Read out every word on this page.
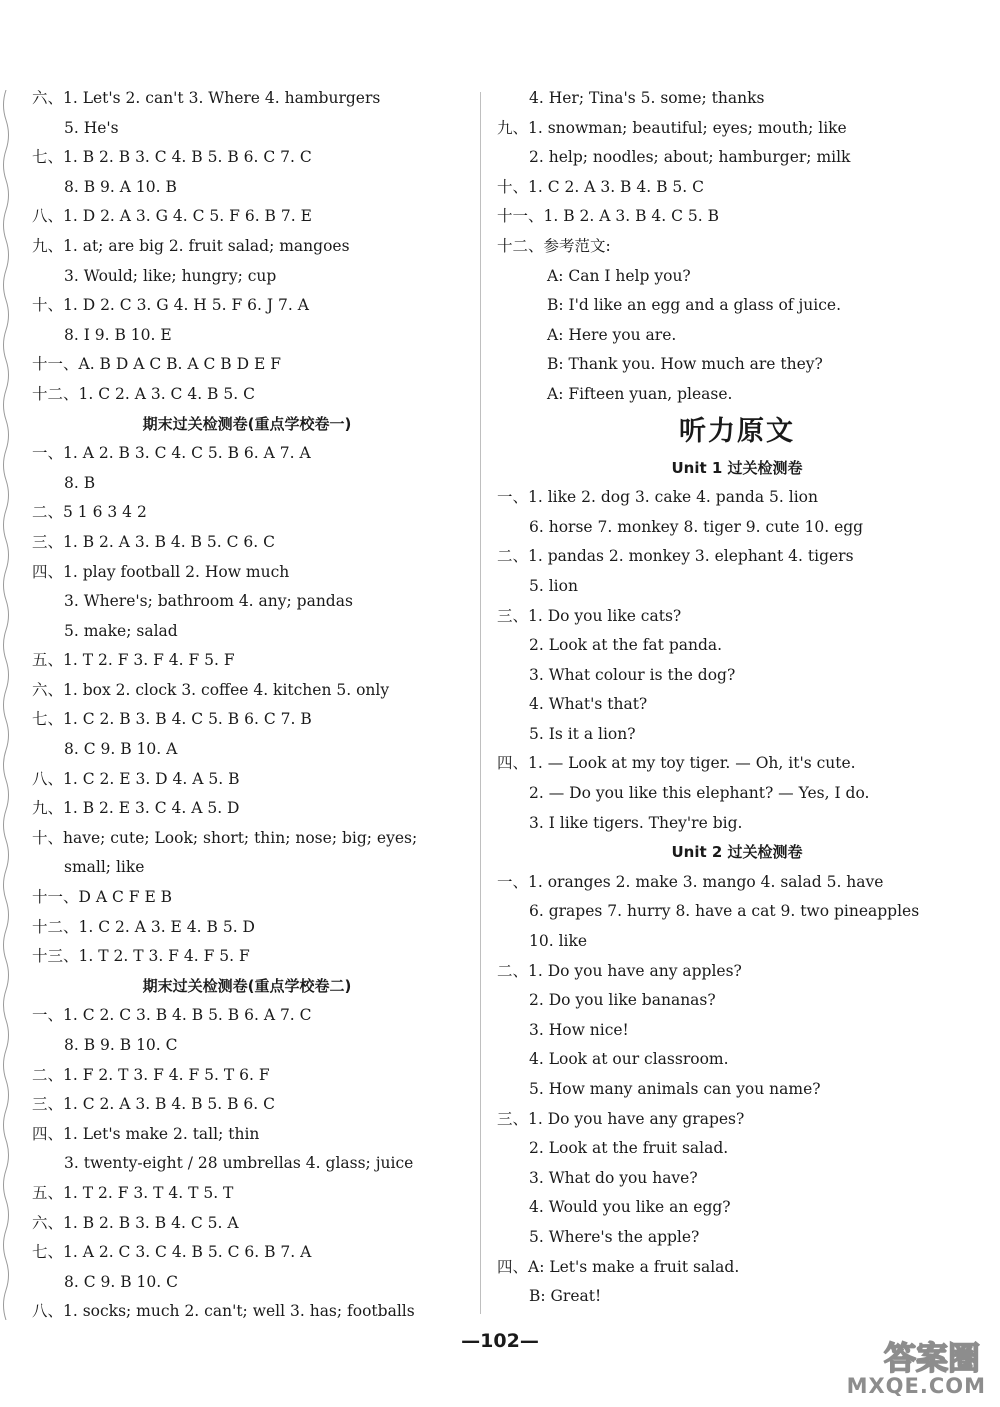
六、1. Let's 2. can't 3. Where 4. hamburgers
5. He's
七、1. B 2. B 3. C 4. B 5. B 6. C 7. C
8. B 9. A 10. B
八、1. D 2. A 3. G 4. C 5. F 6. B 7. E
九、1. at; are big 2. fruit salad; mangoes
3. Would; like; hungry; cup
十、1. D 2. C 3. G 4. H 5. F 6. J 7. A
8. I 9. B 10. E
十一、A. B D A C B. A C B D E F
十二、1. C 2. A 3. C 4. B 5. C
期末过关检测卷(重点学校卷一)
一、1. A 2. B 3. C 4. C 5. B 6. A 7. A
8. B
二、5 1 6 3 4 2
三、1. B 2. A 3. B 4. B 5. C 6. C
四、1. play football 2. How much
3. Where's; bathroom 4. any; pandas
5. make; salad
五、1. T 2. F 3. F 4. F 5. F
六、1. box 2. clock 3. coffee 4. kitchen 5. only
七、1. C 2. B 3. B 4. C 5. B 6. C 7. B
8. C 9. B 10. A
八、1. C 2. E 3. D 4. A 5. B
九、1. B 2. E 3. C 4. A 5. D
十、have; cute; Look; short; thin; nose; big; eyes;
small; like
十一、D A C F E B
十二、1. C 2. A 3. E 4. B 5. D
十三、1. T 2. T 3. F 4. F 5. F
期末过关检测卷(重点学校卷二)
一、1. C 2. C 3. B 4. B 5. B 6. A 7. C
8. B 9. B 10. C
二、1. F 2. T 3. F 4. F 5. T 6. F
三、1. C 2. A 3. B 4. B 5. B 6. C
四、1. Let's make 2. tall; thin
3. twenty-eight / 28 umbrellas 4. glass; juice
五、1. T 2. F 3. T 4. T 5. T
六、1. B 2. B 3. B 4. C 5. A
七、1. A 2. C 3. C 4. B 5. C 6. B 7. A
8. C 9. B 10. C
八、1. socks; much 2. can't; well 3. has; footballs
4. Her; Tina's 5. some; thanks
九、1. snowman; beautiful; eyes; mouth; like
2. help; noodles; about; hamburger; milk
十、1. C 2. A 3. B 4. B 5. C
十一、1. B 2. A 3. B 4. C 5. B
十二、参考范文:
A: Can I help you?
B: I'd like an egg and a glass of juice.
A: Here you are.
B: Thank you. How much are they?
A: Fifteen yuan, please.
听力原文
Unit 1 过关检测卷
一、1. like 2. dog 3. cake 4. panda 5. lion
6. horse 7. monkey 8. tiger 9. cute 10. egg
二、1. pandas 2. monkey 3. elephant 4. tigers
5. lion
三、1. Do you like cats?
2. Look at the fat panda.
3. What colour is the dog?
4. What's that?
5. Is it a lion?
四、1. — Look at my toy tiger. — Oh, it's cute.
2. — Do you like this elephant? — Yes, I do.
3. I like tigers. They're big.
Unit 2 过关检测卷
一、1. oranges 2. make 3. mango 4. salad 5. have
6. grapes 7. hurry 8. have a cat 9. two pineapples
10. like
二、1. Do you have any apples?
2. Do you like bananas?
3. How nice!
4. Look at our classroom.
5. How many animals can you name?
三、1. Do you have any grapes?
2. Look at the fruit salad.
3. What do you have?
4. Would you like an egg?
5. Where's the apple?
四、A: Let's make a fruit salad.
B: Great!
—102—	答案圈
MXQE.COM
